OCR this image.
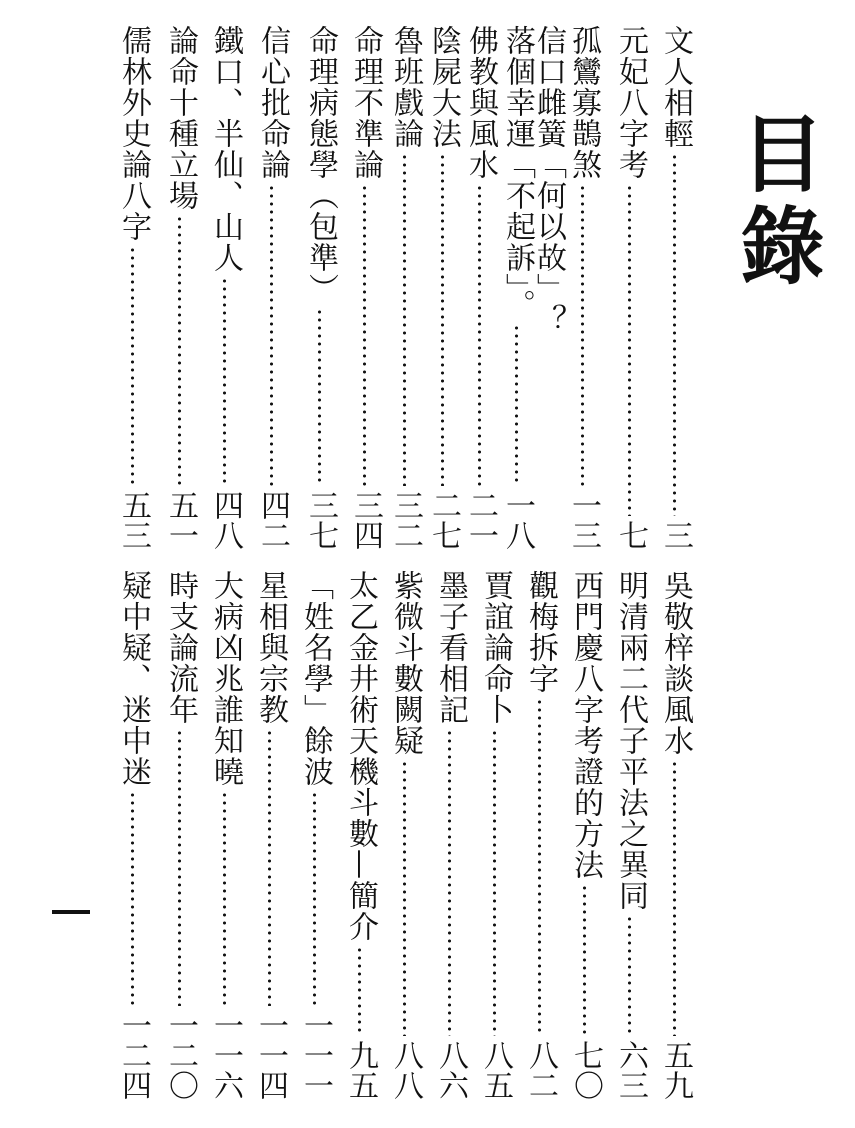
目錄
文人相輕
三
元妃八字考
七
孤鸞寡鵲煞
一三
信口雌簧「何以故」？
落個幸運「不起訴」。
一八
佛教與風水
二一
陰屍大法
二七
魯班戲論
三二
命理不準論
三四
命理病態學（包準）
三七
信心批命論
四二
鐵口、半仙、山人
四八
論命十種立場
五一
儒林外史論八字
五三
吳敬梓談風水
五九
明清兩二代子平法之異同
六三
西門慶八字考證的方法
七〇
觀梅拆字
八二
賈誼論命卜
八五
墨子看相記
八六
紫微斗數闕疑
八八
太乙金井術天機斗數—簡介
九五
「姓名學」餘波
一一一
星相與宗教
一一四
大病凶兆誰知曉
一一六
時支論流年
一二〇
疑中疑、迷中迷
一二四
